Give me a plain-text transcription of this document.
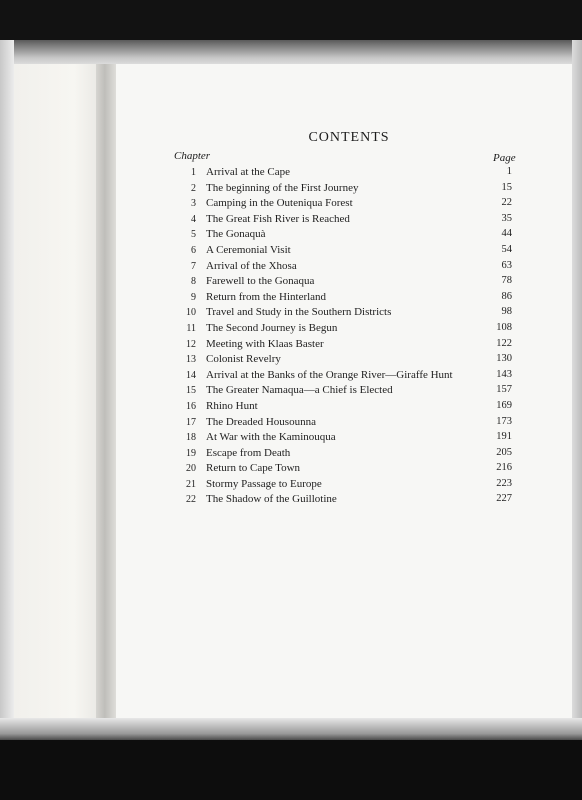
CONTENTS
Chapter	Page
1 Arrival at the Cape	1
2 The beginning of the First Journey	15
3 Camping in the Outeniqua Forest	22
4 The Great Fish River is Reached	35
5 The Gonaquà	44
6 A Ceremonial Visit	54
7 Arrival of the Xhosa	63
8 Farewell to the Gonaqua	78
9 Return from the Hinterland	86
10 Travel and Study in the Southern Districts	98
11 The Second Journey is Begun	108
12 Meeting with Klaas Baster	122
13 Colonist Revelry	130
14 Arrival at the Banks of the Orange River—Giraffe Hunt	143
15 The Greater Namaqua—a Chief is Elected	157
16 Rhino Hunt	169
17 The Dreaded Housounna	173
18 At War with the Kaminouqua	191
19 Escape from Death	205
20 Return to Cape Town	216
21 Stormy Passage to Europe	223
22 The Shadow of the Guillotine	227
